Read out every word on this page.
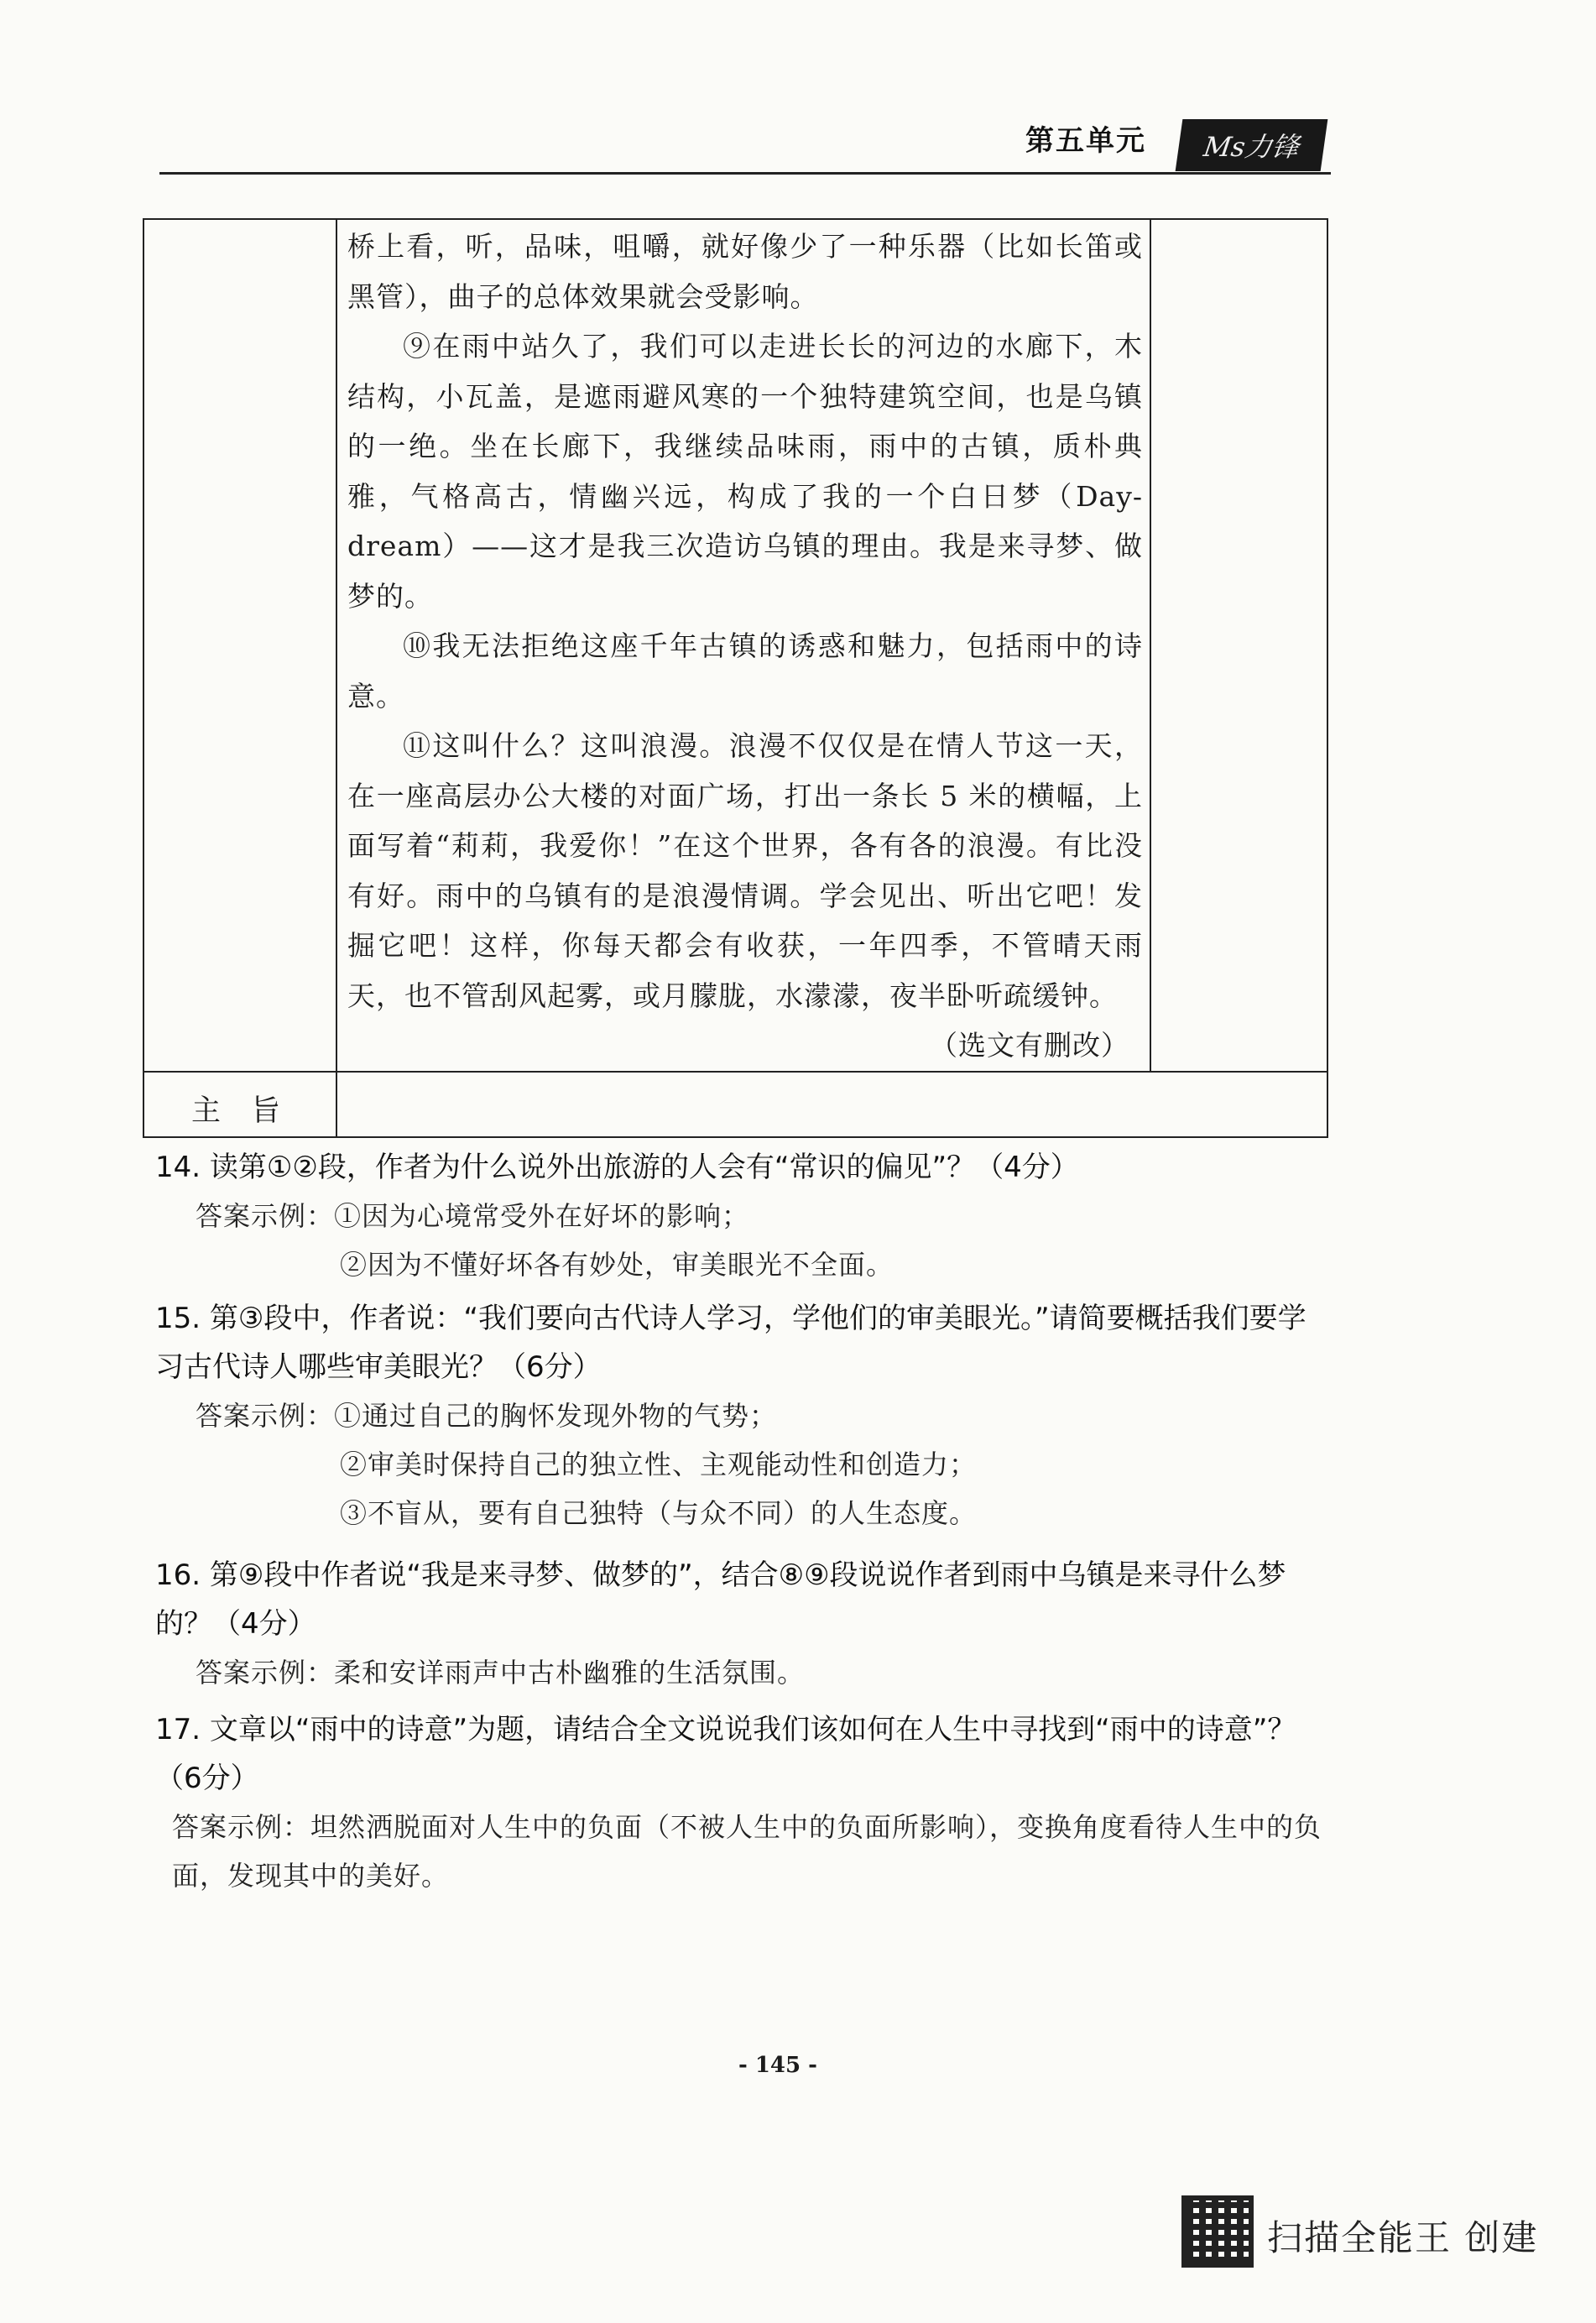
第五单元	Ms力锋

桥上看，听，品味，咀嚼，就好像少了一种乐器（比如长笛或黑管），曲子的总体效果就会受影响。

⑨在雨中站久了，我们可以走进长长的河边的水廊下，木结构，小瓦盖，是遮雨避风寒的一个独特建筑空间，也是乌镇的一绝。坐在长廊下，我继续品味雨，雨中的古镇，质朴典雅，气格高古，情幽兴远，构成了我的一个白日梦（Day-dream）——这才是我三次造访乌镇的理由。我是来寻梦、做梦的。

⑩我无法拒绝这座千年古镇的诱惑和魅力，包括雨中的诗意。

⑪这叫什么？这叫浪漫。浪漫不仅仅是在情人节这一天，在一座高层办公大楼的对面广场，打出一条长 5 米的横幅，上面写着“莉莉，我爱你！”在这个世界，各有各的浪漫。有比没有好。雨中的乌镇有的是浪漫情调。学会见出、听出它吧！发掘它吧！这样，你每天都会有收获，一年四季，不管晴天雨天，也不管刮风起雾，或月朦胧，水濛濛，夜半卧听疏缓钟。

（选文有删改）

主旨

14. 读第①②段，作者为什么说外出旅游的人会有“常识的偏见”？（4分）

答案示例：①因为心境常受外在好坏的影响；

②因为不懂好坏各有妙处，审美眼光不全面。

15. 第③段中，作者说：“我们要向古代诗人学习，学他们的审美眼光。”请简要概括我们要学习古代诗人哪些审美眼光？（6分）

答案示例：①通过自己的胸怀发现外物的气势；

②审美时保持自己的独立性、主观能动性和创造力；

③不盲从，要有自己独特（与众不同）的人生态度。

16. 第⑨段中作者说“我是来寻梦、做梦的”，结合⑧⑨段说说作者到雨中乌镇是来寻什么梦的？（4分）

答案示例：柔和安详雨声中古朴幽雅的生活氛围。

17. 文章以“雨中的诗意”为题，请结合全文说说我们该如何在人生中寻找到“雨中的诗意”？（6分）

答案示例：坦然洒脱面对人生中的负面（不被人生中的负面所影响），变换角度看待人生中的负面，发现其中的美好。

- 145 -
扫描全能王 创建
